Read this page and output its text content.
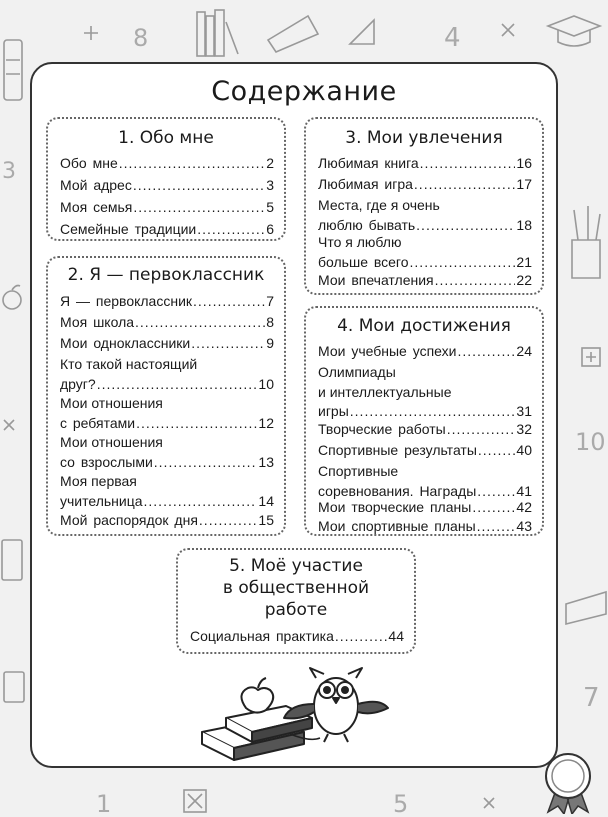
8	4
3
10
7
1	5
Содержание
1. Обо мне
Обо мне .....	2
Мой адрес .....	3
Моя семья .....	5
Семейные традиции .....	6
2. Я — первоклассник
Я — первоклассник .....	7
Моя школа .....	8
Мои одноклассники .....	9
Кто такой настоящий
друг? .....	10
Мои отношения
с ребятами .....	12
Мои отношения
со взрослыми .....	13
Моя первая
учительница .....	14
Мой распорядок дня .....	15
3. Мои увлечения
Любимая книга .....	16
Любимая игра .....	17
Места, где я очень
люблю бывать .....	18
Что я люблю
больше всего .....	21
Мои впечатления .....	22
4. Мои достижения
Мои учебные успехи .....	24
Олимпиады
и интеллектуальные
игры .....	31
Творческие работы .....	32
Спортивные результаты .....	40
Спортивные
соревнования. Награды .....	41
Мои творческие планы .....	42
Мои спортивные планы .....	43
5. Моё участие
в общественной
работе
Социальная практика .....	44
